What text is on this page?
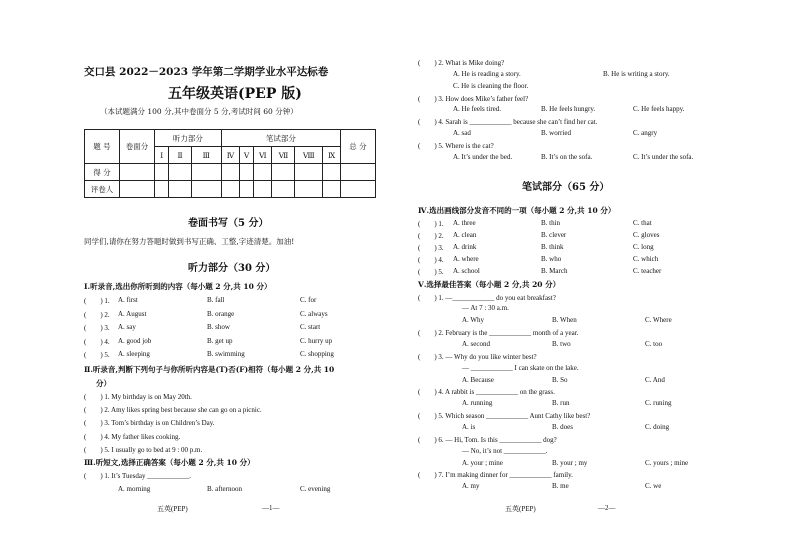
交口县 2022－2023 学年第二学期学业水平达标卷
五年级英语(PEP 版)
（本试题满分 100 分,其中卷面分 5 分,考试时间 60 分钟）
题 号	卷面分	听力部分			笔试部分						总 分
		Ⅰ	Ⅱ	Ⅲ	Ⅳ	Ⅴ	Ⅵ	Ⅶ	Ⅷ	Ⅸ	
得 分											
评卷人											
卷面书写（5 分）
同学们,请你在努力答题时做到书写正确、工整,字迹清楚。加油!
听力部分（30 分）
Ⅰ.听录音,选出你所听到的内容（每小题 2 分,共 10 分）
(　　) 1. A. first	B. fall	C. for
(　　) 2. A. August	B. orange	C. always
(　　) 3. A. say	B. show	C. start
(　　) 4. A. good job	B. get up	C. hurry up
(　　) 5. A. sleeping	B. swimming	C. shopping
Ⅱ.听录音,判断下列句子与你所听内容是(T)否(F)相符（每小题 2 分,共 10
分）
(　　) 1. My birthday is on May 20th.
(　　) 2. Amy likes spring best because she can go on a picnic.
(　　) 3. Tom’s birthday is on Children’s Day.
(　　) 4. My father likes cooking.
(　　) 5. I usually go to bed at 9 : 00 p.m.
Ⅲ.听短文,选择正确答案（每小题 2 分,共 10 分）
(　　) 1. It’s Tuesday ____________.
A. morning	B. afternoon	C. evening
五英(PEP)	—1—
(　　) 2. What is Mike doing?
A. He is reading a story.	B. He is writing a story.
C. He is cleaning the floor.
(　　) 3. How does Mike’s father feel?
A. He feels tired.	B. He feels hungry.	C. He feels happy.
(　　) 4. Sarah is ____________ because she can’t find her cat.
A. sad	B. worried	C. angry
(　　) 5. Where is the cat?
A. It’s under the bed.	B. It’s on the sofa.	C. It’s under the sofa.
笔试部分（65 分）
Ⅳ.选出画线部分发音不同的一项（每小题 2 分,共 10 分）
(　　) 1. A. three	B. thin	C. that
(　　) 2. A. clean	B. clever	C. gloves
(　　) 3. A. drink	B. think	C. long
(　　) 4. A. where	B. who	C. which
(　　) 5. A. school	B. March	C. teacher
Ⅴ.选择最佳答案（每小题 2 分,共 20 分）
(　　) 1. —____________ do you eat breakfast?
— At 7 : 30 a.m.
A. Why	B. When	C. Where
(　　) 2. February is the ____________ month of a year.
A. second	B. two	C. too
(　　) 3. — Why do you like winter best?
— ____________ I can skate on the lake.
A. Because	B. So	C. And
(　　) 4. A rabbit is ____________ on the grass.
A. running	B. run	C. runing
(　　) 5. Which season ____________ Aunt Cathy like best?
A. is	B. does	C. doing
(　　) 6. — Hi, Tom. Is this ____________ dog?
— No, it’s not ____________.
A. your ; mine	B. your ; my	C. yours ; mine
(　　) 7. I’m making dinner for ____________ family.
A. my	B. me	C. we
五英(PEP)	—2—
